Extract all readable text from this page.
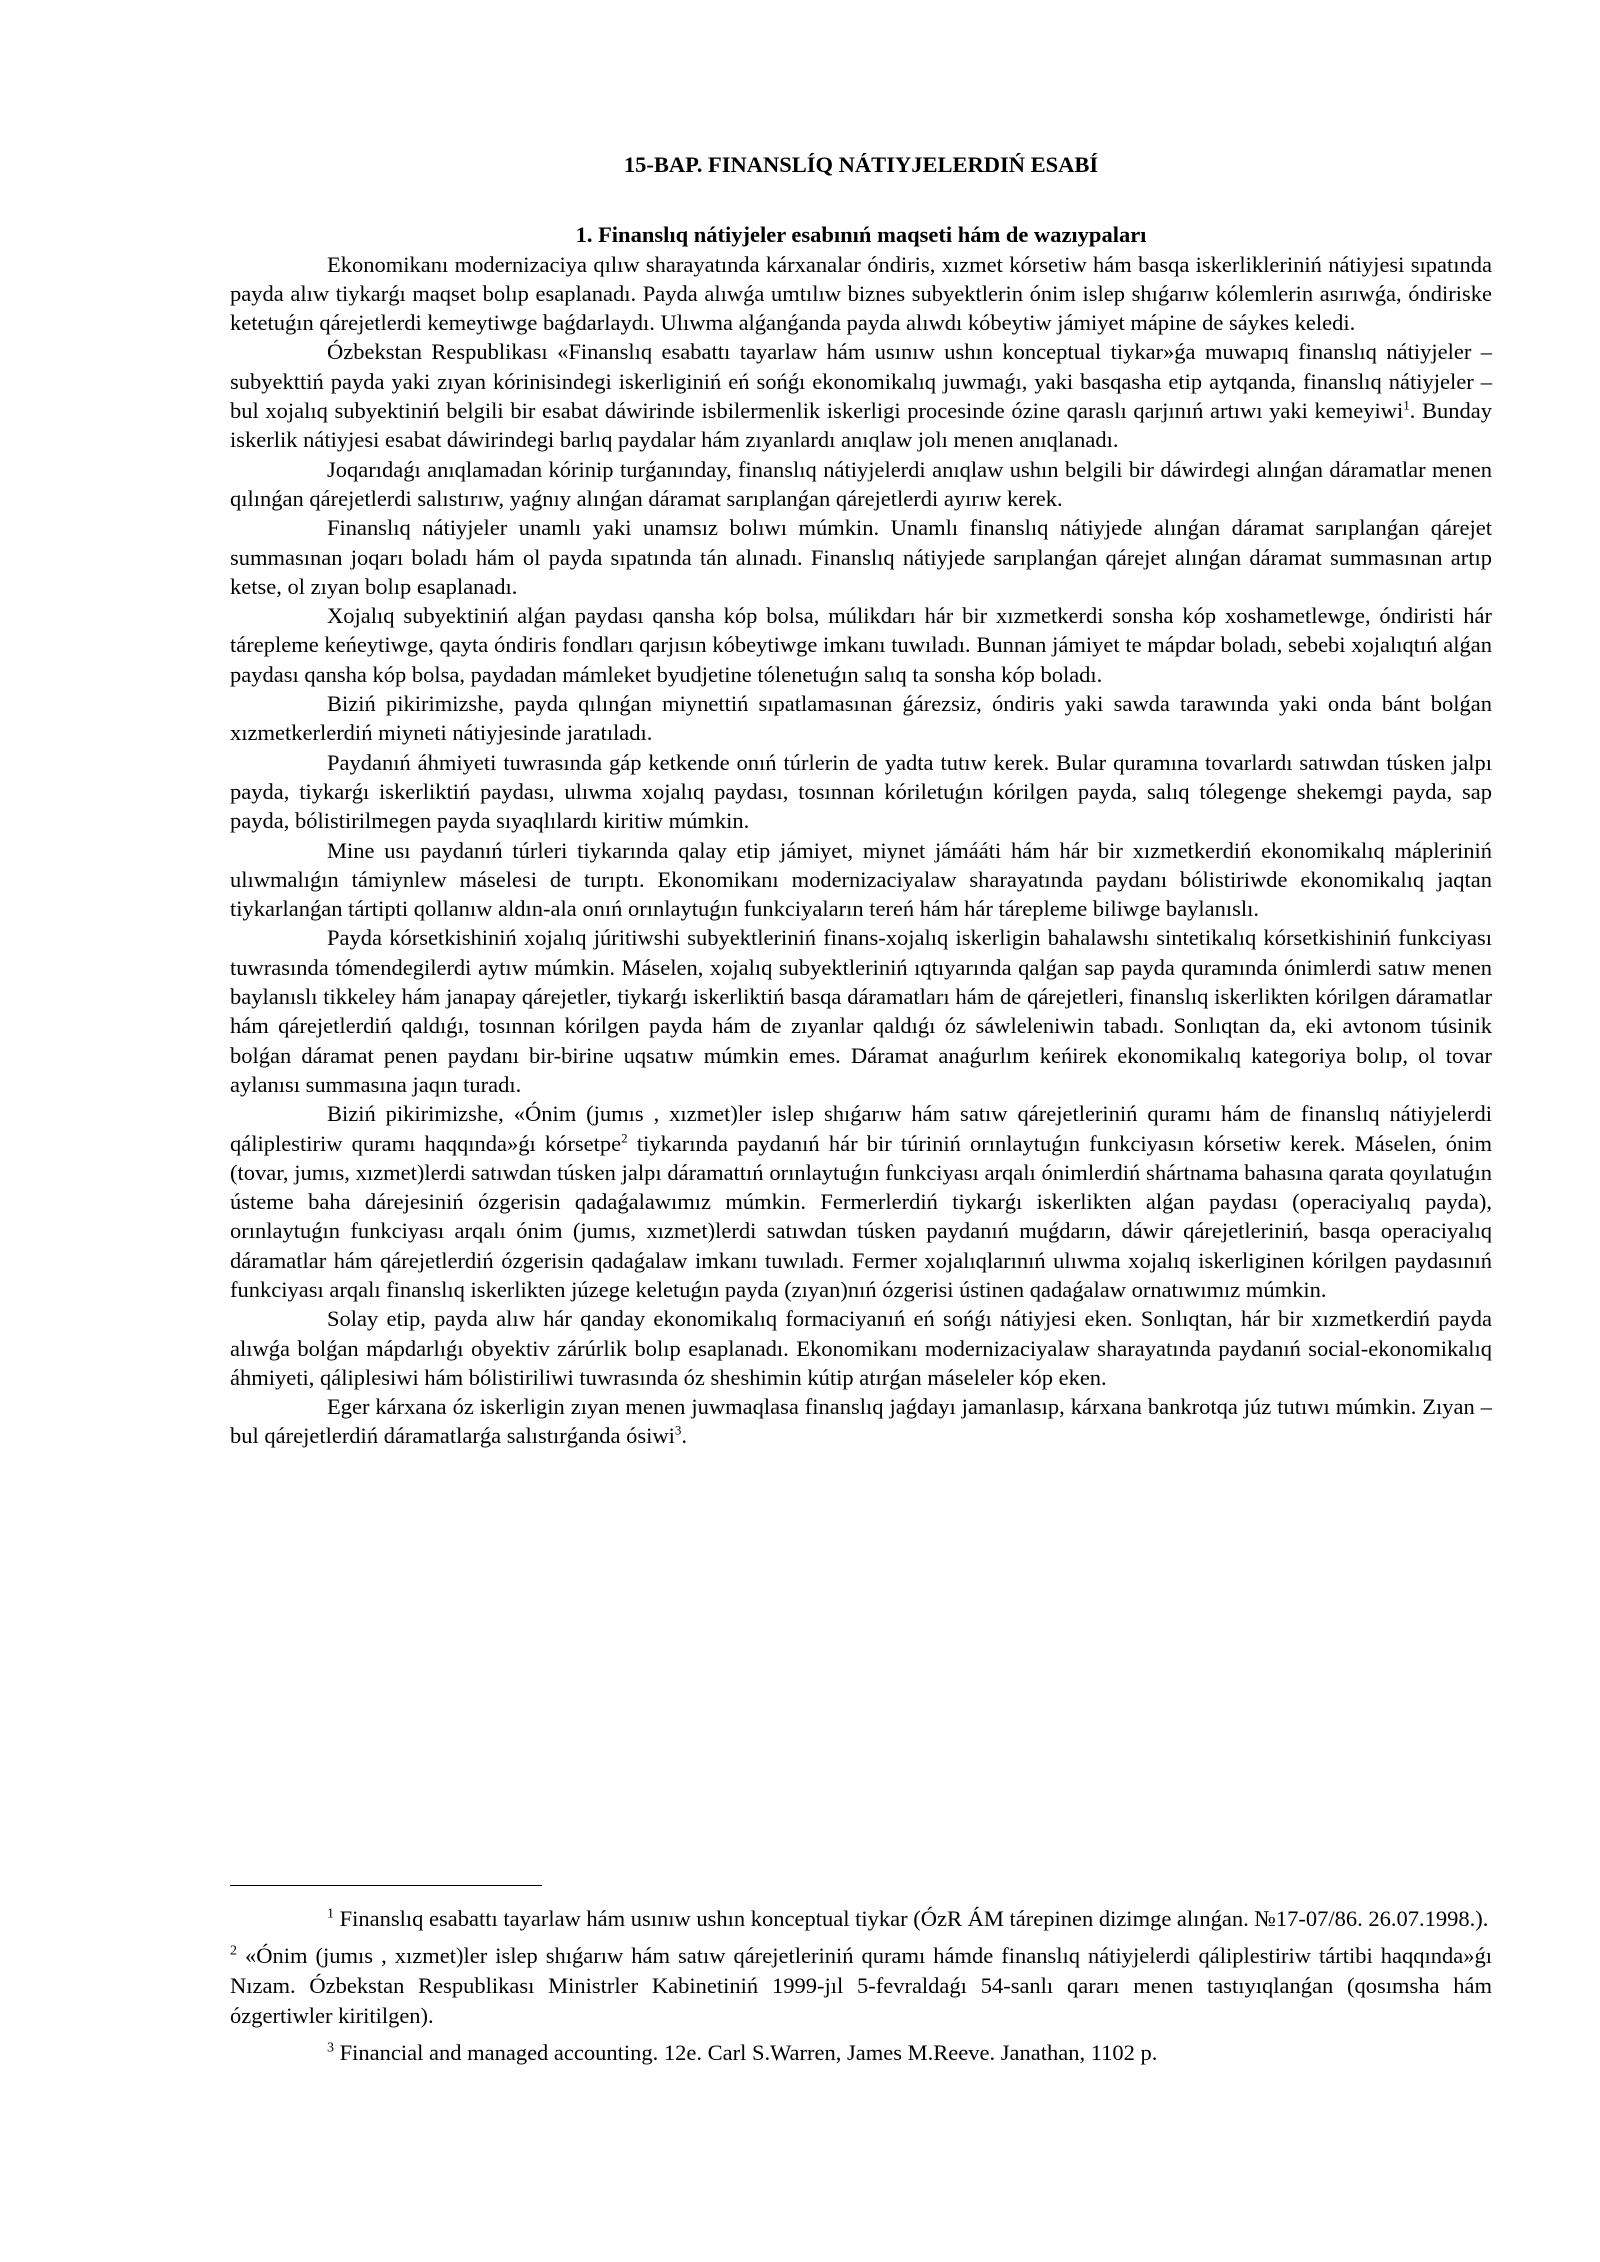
15-BAP. FINANSLÍQ NÁTIYJELERDIŃ ESABÍ
1. Finanslıq nátiyjeler esabınıń maqseti hám de wazıypaları

Ekonomikanı modernizaciya qılıw sharayatında kárxanalar óndiris, xızmet kórsetiw hám basqa iskerlikleriniń nátiyjesi sıpatında payda alıw tiykarǵı maqset bolıp esaplanadı. Payda alıwǵa umtılıw biznes subyektlerin ónim islep shıǵarıw kólemlerin asırıwǵa, óndiriske ketetuǵın qárejetlerdi kemeytiwge baǵdarlaydı. Ulıwma alǵanǵanda payda alıwdı kóbeytiw jámiyet mápine de sáykes keledi.

Ózbekstan Respublikası «Finanslıq esabattı tayarlaw hám usınıw ushın konceptual tiykar»ǵa muwapıq finanslıq nátiyjeler – subyekttiń payda yaki zıyan kórinisindegi iskerliginiń eń sońǵı ekonomikalıq juwmaǵı, yaki basqasha etip aytqanda, finanslıq nátiyjeler – bul xojalıq subyektiniń belgili bir esabat dáwirinde isbilermenlik iskerligi procesinde ózine qaraslı qarjınıń artıwı yaki kemeyiwi$^1$. Bunday iskerlik nátiyjesi esabat dáwirindegi barlıq paydalar hám zıyanlardı anıqlaw jolı menen anıqlanadı.

Joqarıdaǵı anıqlamadan kórinip turǵanınday, finanslıq nátiyjelerdi anıqlaw ushın belgili bir dáwirdegi alınǵan dáramatlar menen qılınǵan qárejetlerdi salıstırıw, yaǵnıy alınǵan dáramat sarıplanǵan qárejetlerdi ayırıw kerek.

Finanslıq nátiyjeler unamlı yaki unamsız bolıwı múmkin. Unamlı finanslıq nátiyjede alınǵan dáramat sarıplanǵan qárejet summasınan joqarı boladı hám ol payda sıpatında tán alınadı. Finanslıq nátiyjede sarıplanǵan qárejet alınǵan dáramat summasınan artıp ketse, ol zıyan bolıp esaplanadı.

Xojalıq subyektiniń alǵan paydası qansha kóp bolsa, múlikdarı hár bir xızmetkerdi sonsha kóp xoshametlewge, óndiristi hár tárepleme keńeytiwge, qayta óndiris fondları qarjısın kóbeytiwge imkanı tuwıladı. Bunnan jámiyet te mápdar boladı, sebebi xojalıqtıń alǵan paydası qansha kóp bolsa, paydadan mámleket byudjetine tólenetuǵın salıq ta sonsha kóp boladı.

Biziń pikirimizshe, payda qılınǵan miynettiń sıpatlamasınan ǵárezsiz, óndiris yaki sawda tarawında yaki onda bánt bolǵan xızmetkerlerdiń miyneti nátiyjesinde jaratıladı.

Paydanıń áhmiyeti tuwrasında gáp ketkende onıń túrlerin de yadta tutıw kerek. Bular quramına tovarlardı satıwdan túsken jalpı payda, tiykarǵı iskerliktiń paydası, ulıwma xojalıq paydası, tosınnan kóriletuǵın kórilgen payda, salıq tólegenge shekemgi payda, sap payda, bólistirilmegen payda sıyaqlılardı kiritiw múmkin.

Mine usı paydanıń túrleri tiykarında qalay etip jámiyet, miynet jámááti hám hár bir xızmetkerdiń ekonomikalıq mápleriniń ulıwmalıǵın támiynlew máselesi de turıptı. Ekonomikanı modernizaciyalaw sharayatında paydanı bólistiriwde ekonomikalıq jaqtan tiykarlanǵan tártipti qollanıw aldın-ala onıń orınlaytuǵın funkciyaların tereń hám hár tárepleme biliwge baylanıslı.

Payda kórsetkishiniń xojalıq júritiwshi subyektleriniń finans-xojalıq iskerligin bahalawshı sintetikalıq kórsetkishiniń funkciyası tuwrasında tómendegilerdi aytıw múmkin. Máselen, xojalıq subyektleriniń ıqtıyarında qalǵan sap payda quramında ónimlerdi satıw menen baylanıslı tikkeley hám janapay qárejetler, tiykarǵı iskerliktiń basqa dáramatları hám de qárejetleri, finanslıq iskerlikten kórilgen dáramatlar hám qárejetlerdiń qaldıǵı, tosınnan kórilgen payda hám de zıyanlar qaldıǵı óz sáwleleniwin tabadı. Sonlıqtan da, eki avtonom túsinik bolǵan dáramat penen paydanı bir-birine uqsatıw múmkin emes. Dáramat anaǵurlım keńirek ekonomikalıq kategoriya bolıp, ol tovar aylanısı summasına jaqın turadı.

Biziń pikirimizshe, «Ónim (jumıs , xızmet)ler islep shıǵarıw hám satıw qárejetleriniń quramı hám de finanslıq nátiyjelerdi qáliplestiriw quramı haqqında»ǵı kórsetpe$^2$ tiykarında paydanıń hár bir túriniń orınlaytuǵın funkciyasın kórsetiw kerek. Máselen, ónim (tovar, jumıs, xızmet)lerdi satıwdan túsken jalpı dáramattıń orınlaytuǵın funkciyası arqalı ónimlerdiń shártnama bahasına qarata qoyılatuǵın ústeme baha dárejesiniń ózgerisin qadaǵalawımız múmkin. Fermerlerdiń tiykarǵı iskerlikten alǵan paydası (operaciyalıq payda), orınlaytuǵın funkciyası arqalı ónim (jumıs, xızmet)lerdi satıwdan túsken paydanıń muǵdarın, dáwir qárejetleriniń, basqa operaciyalıq dáramatlar hám qárejetlerdiń ózgerisin qadaǵalaw imkanı tuwıladı. Fermer xojalıqlarınıń ulıwma xojalıq iskerliginen kórilgen paydasınıń funkciyası arqalı finanslıq iskerlikten júzege keletuǵın payda (zıyan)nıń ózgerisi ústinen qadaǵalaw ornatıwımız múmkin.

Solay etip, payda alıw hár qanday ekonomikalıq formaciyanıń eń sońǵı nátiyjesi eken. Sonlıqtan, hár bir xızmetkerdiń payda alıwǵa bolǵan mápdarlıǵı obyektiv zárúrlik bolıp esaplanadı. Ekonomikanı modernizaciyalaw sharayatında paydanıń social-ekonomikalıq áhmiyeti, qáliplesiwi hám bólistiriliwi tuwrasında óz sheshimin kútip atırǵan máseleler kóp eken.

Eger kárxana óz iskerligin zıyan menen juwmaqlasa finanslıq jaǵdayı jamanlasıp, kárxana bankrotqa júz tutıwı múmkin. Zıyan – bul qárejetlerdiń dáramatlarǵa salıstırǵanda ósiwi$^3$.

$^1$ Finanslıq esabattı tayarlaw hám usınıw ushın konceptual tiykar (ÓzR ÁM tárepinen dizimge alınǵan. №17-07/86. 26.07.1998.).

$^2$ «Ónim (jumıs , xızmet)ler islep shıǵarıw hám satıw qárejetleriniń quramı hámde finanslıq nátiyjelerdi qáliplestiriw tártibi haqqında»ǵı Nızam. Ózbekstan Respublikası Ministrler Kabinetiniń 1999-jıl 5-fevraldaǵı 54-sanlı qararı menen tastıyıqlanǵan (qosımsha hám ózgertiwler kiritilgen).

$^3$ Financial and managed accounting. 12e. Carl S.Warren, James M.Reeve. Janathan, 1102 p.
